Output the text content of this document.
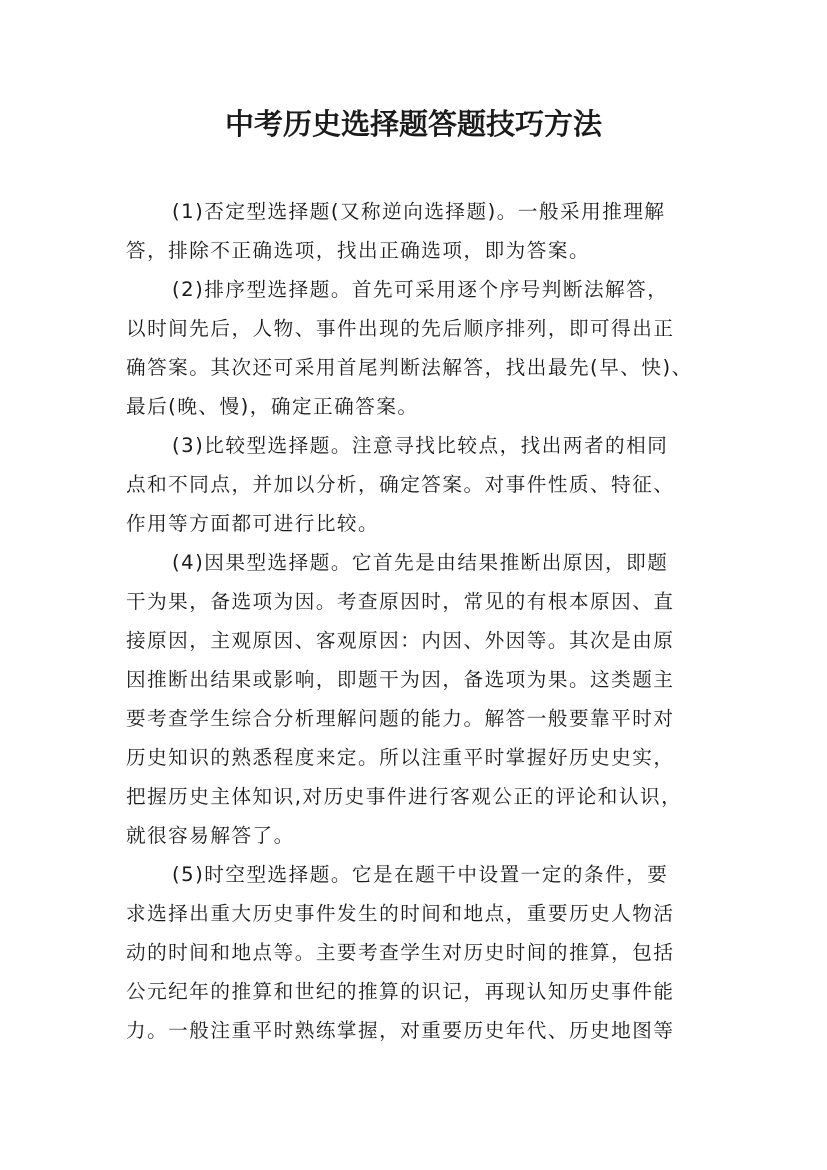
中考历史选择题答题技巧方法
(1)否定型选择题(又称逆向选择题)。一般采用推理解
答，排除不正确选项，找出正确选项，即为答案。
(2)排序型选择题。首先可采用逐个序号判断法解答，
以时间先后，人物、事件出现的先后顺序排列，即可得出正
确答案。其次还可采用首尾判断法解答，找出最先(早、快)、
最后(晚、慢)，确定正确答案。
(3)比较型选择题。注意寻找比较点，找出两者的相同
点和不同点，并加以分析，确定答案。对事件性质、特征、
作用等方面都可进行比较。
(4)因果型选择题。它首先是由结果推断出原因，即题
干为果，备选项为因。考查原因时，常见的有根本原因、直
接原因，主观原因、客观原因：内因、外因等。其次是由原
因推断出结果或影响，即题干为因，备选项为果。这类题主
要考查学生综合分析理解问题的能力。解答一般要靠平时对
历史知识的熟悉程度来定。所以注重平时掌握好历史史实，
把握历史主体知识,对历史事件进行客观公正的评论和认识，
就很容易解答了。
(5)时空型选择题。它是在题干中设置一定的条件，要
求选择出重大历史事件发生的时间和地点，重要历史人物活
动的时间和地点等。主要考查学生对历史时间的推算，包括
公元纪年的推算和世纪的推算的识记，再现认知历史事件能
力。一般注重平时熟练掌握，对重要历史年代、历史地图等
